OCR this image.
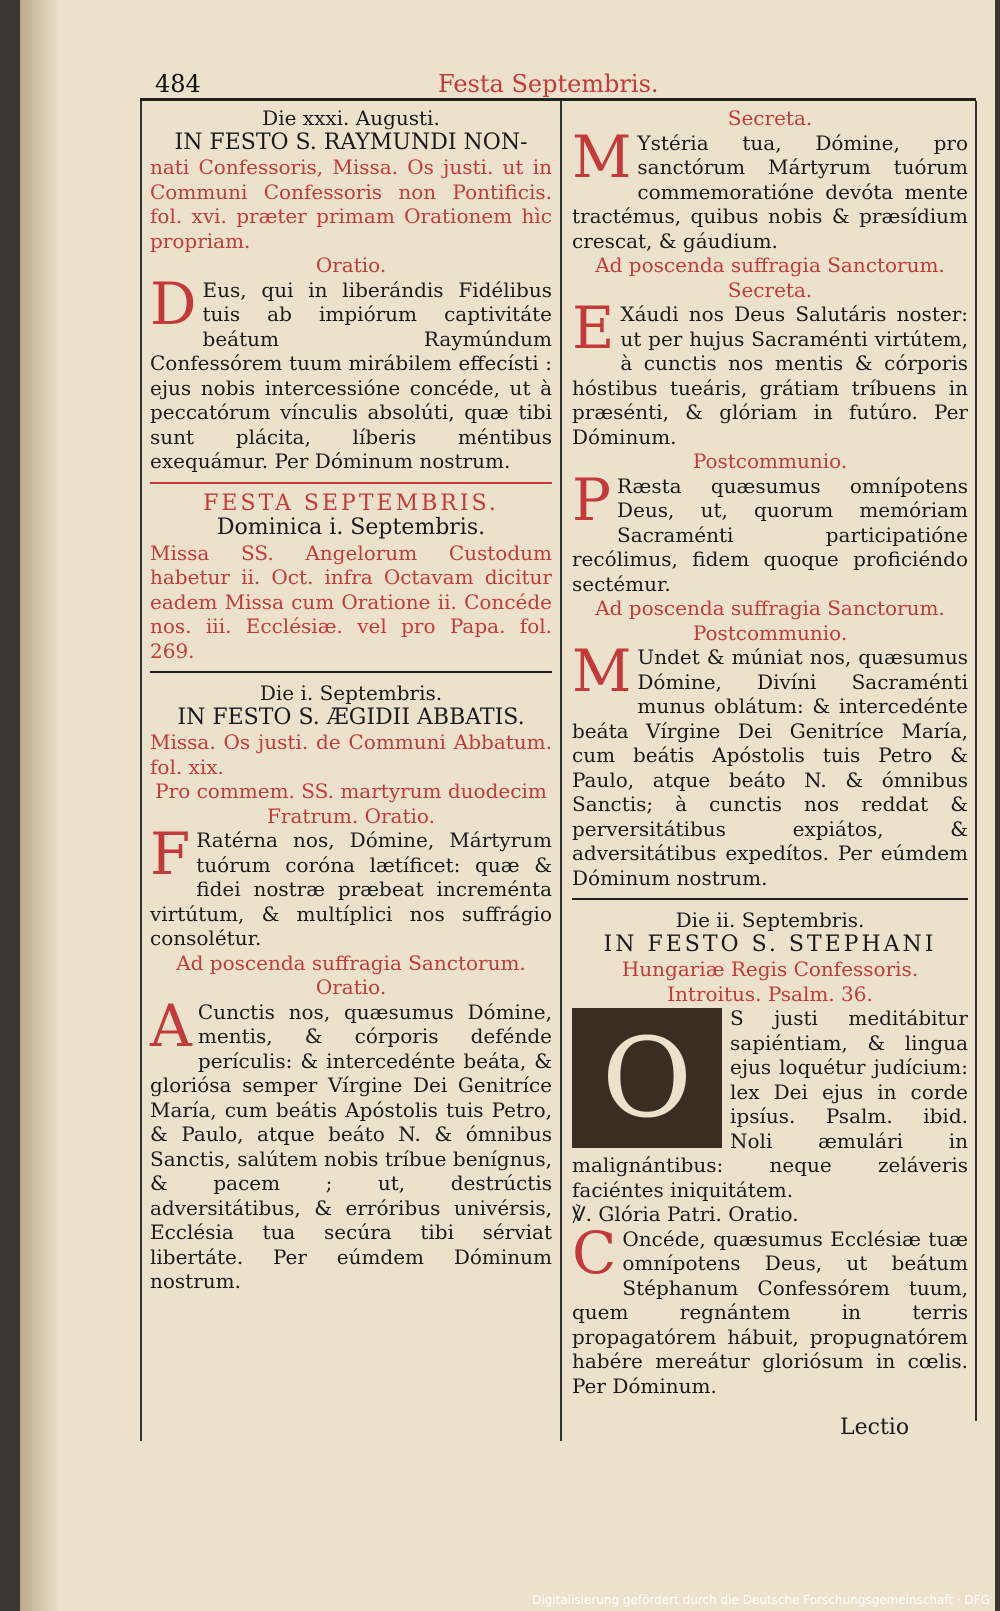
484	Festa Septembris.

Die xxxi. Augusti.

IN FESTO S. RAYMUNDI NON-

nati Confessoris, Missa. Os justi. ut in Communi Confessoris non Pontificis. fol. xvi. præter primam Orationem hìc propriam.

Oratio.

D Eus, qui in liberándis Fidélibus tuis ab impiórum captivitáte beátum Raymúndum Confessórem tuum mirábilem effecísti : ejus nobis intercessióne concéde, ut à peccatórum vínculis absolúti, quæ tibi sunt plácita, líberis méntibus exequámur. Per Dóminum nostrum.

FESTA SEPTEMBRIS.

Dominica i. Septembris.

Missa SS. Angelorum Custodum habetur ii. Oct. infra Octavam dicitur eadem Missa cum Oratione ii. Concéde nos. iii. Ecclésiæ. vel pro Papa. fol. 269.

Die i. Septembris.

IN FESTO S. ÆGIDII ABBATIS.

Missa. Os justi. de Communi Abbatum. fol. xix.

Pro commem. SS. martyrum duodecim Fratrum. Oratio.

F Ratérna nos, Dómine, Mártyrum tuórum coróna lætíficet: quæ & fidei nostræ præbeat increménta virtútum, & multíplici nos suffrágio consolétur.

Ad poscenda suffragia Sanctorum.

Oratio.

A Cunctis nos, quæsumus Dómine, mentis, & córporis defénde perículis: & intercedénte beáta, & gloriósa semper Vírgine Dei Genitríce María, cum beátis Apóstolis tuis Petro, & Paulo, atque beáto N. & ómnibus Sanctis, salútem nobis tríbue benígnus, & pacem ; ut, destrúctis adversitátibus, & erróribus univérsis, Ecclésia tua secúra tibi sérviat libertáte. Per eúmdem Dóminum nostrum.

Secreta.

M Ystéria tua, Dómine, pro sanctórum Mártyrum tuórum commemoratióne devóta mente tractémus, quibus nobis & præsídium crescat, & gáudium.

Ad poscenda suffragia Sanctorum.

Secreta.

E Xáudi nos Deus Salutáris noster: ut per hujus Sacraménti virtútem, à cunctis nos mentis & córporis hóstibus tueáris, grátiam tríbuens in præsénti, & glóriam in futúro. Per Dóminum.

Postcommunio.

P Ræsta quæsumus omnípotens Deus, ut, quorum memóriam Sacraménti participatióne recólimus, fidem quoque proficiéndo sectémur.

Ad poscenda suffragia Sanctorum.

Postcommunio.

M Undet & múniat nos, quæsumus Dómine, Divíni Sacraménti munus oblátum: & intercedénte beáta Vírgine Dei Genitríce María, cum beátis Apóstolis tuis Petro & Paulo, atque beáto N. & ómnibus Sanctis; à cunctis nos reddat & perversitátibus expiátos, & adversitátibus expedítos. Per eúmdem Dóminum nostrum.

Die ii. Septembris.

IN FESTO S. STEPHANI

Hungariæ Regis Confessoris.

Introitus. Psalm. 36.

O S justi meditábitur sapiéntiam, & lingua ejus loquétur judícium: lex Dei ejus in corde ipsíus. Psalm. ibid. Noli æmulári in malignántibus: neque zeláveris faciéntes iniquitátem.

℣. Glória Patri. Oratio.

C Oncéde, quæsumus Ecclésiæ tuæ omnípotens Deus, ut beátum Stéphanum Confessórem tuum, quem regnántem in terris propagatórem hábuit, propugnatórem habére mereátur gloriósum in cœlis. Per Dóminum.

Lectio
Digitalisierung gefördert durch die Deutsche Forschungsgemeinschaft · DFG
